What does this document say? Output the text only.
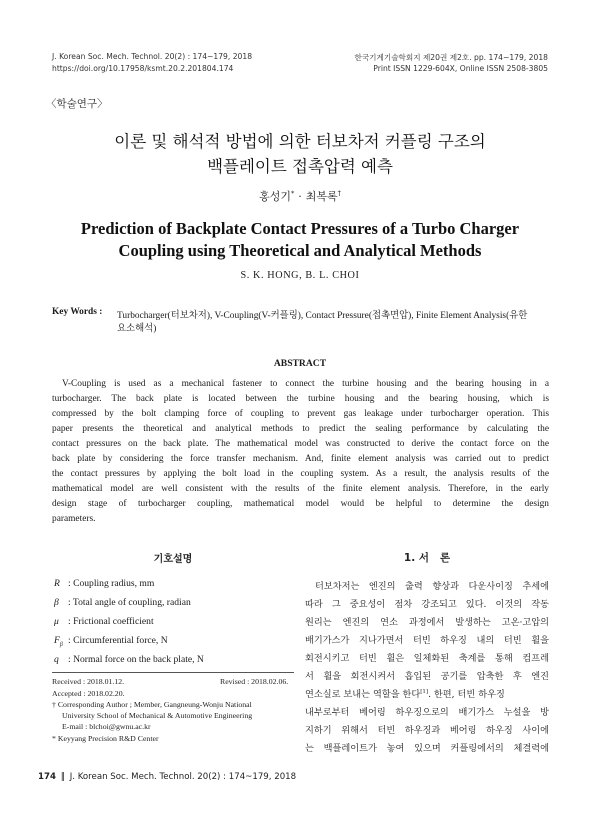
J. Korean Soc. Mech. Technol. 20(2) : 174~179, 2018
https://doi.org/10.17958/ksmt.20.2.201804.174
한국기계기술학회지 제20권 제2호. pp. 174~179, 2018
Print ISSN 1229-604X, Online ISSN 2508-3805
〈학술연구〉
이론 및 해석적 방법에 의한 터보차저 커플링 구조의
백플레이트 접촉압력 예측
홍성기* · 최복록†
Prediction of Backplate Contact Pressures of a Turbo Charger
Coupling using Theoretical and Analytical Methods
S. K. HONG, B. L. CHOI
Key Words : Turbocharger(터보차저), V-Coupling(V-커플링), Contact Pressure(접촉면압), Finite Element Analysis(유한
요소해석)
ABSTRACT
V-Coupling is used as a mechanical fastener to connect the turbine housing and the bearing housing in a
turbocharger. The back plate is located between the turbine housing and the bearing housing, which is
compressed by the bolt clamping force of coupling to prevent gas leakage under turbocharger operation. This
paper presents the theoretical and analytical methods to predict the sealing performance by calculating the
contact pressures on the back plate. The mathematical model was constructed to derive the contact force on the
back plate by considering the force transfer mechanism. And, finite element analysis was carried out to predict
the contact pressures by applying the bolt load in the coupling system. As a result, the analysis results of the
mathematical model are well consistent with the results of the finite element analysis. Therefore, in the early
design stage of turbocharger coupling, mathematical model would be helpful to determine the design
parameters.
기호설명
R : Coupling radius, mm
β : Total angle of coupling, radian
μ : Frictional coefficient
$F_\beta$ : Circumferential force, N
q : Normal force on the back plate, N
Received : 2018.01.12.	Revised : 2018.02.06.
Accepted : 2018.02.20.
† Corresponding Author ; Member, Gangneung-Wonju National
University School of Mechanical & Automotive Engineering
E-mail : blchoi@gwnu.ac.kr
* Keyyang Precision R&D Center
1. 서   론
터보차저는 엔진의 출력 향상과 다운사이징 추세에
따라 그 중요성이 점차 강조되고 있다. 이것의 작동
원리는 엔진의 연소 과정에서 발생하는 고온·고압의
배기가스가 지나가면서 터빈 하우징 내의 터빈 휠을
회전시키고 터빈 휠은 일체화된 축계를 통해 컴프레
서 휠을 회전시켜서 흡입된 공기를 압축한 후 엔진
연소실로 보내는 역할을 한다[1]. 한편, 터빈 하우징
내부로부터 베어링 하우징으로의 배기가스 누설을 방
지하기 위해서 터빈 하우징과 베어링 하우징 사이에
는 백플레이트가 놓여 있으며 커플링에서의 체결력에
174 ‖ J. Korean Soc. Mech. Technol. 20(2) : 174~179, 2018
